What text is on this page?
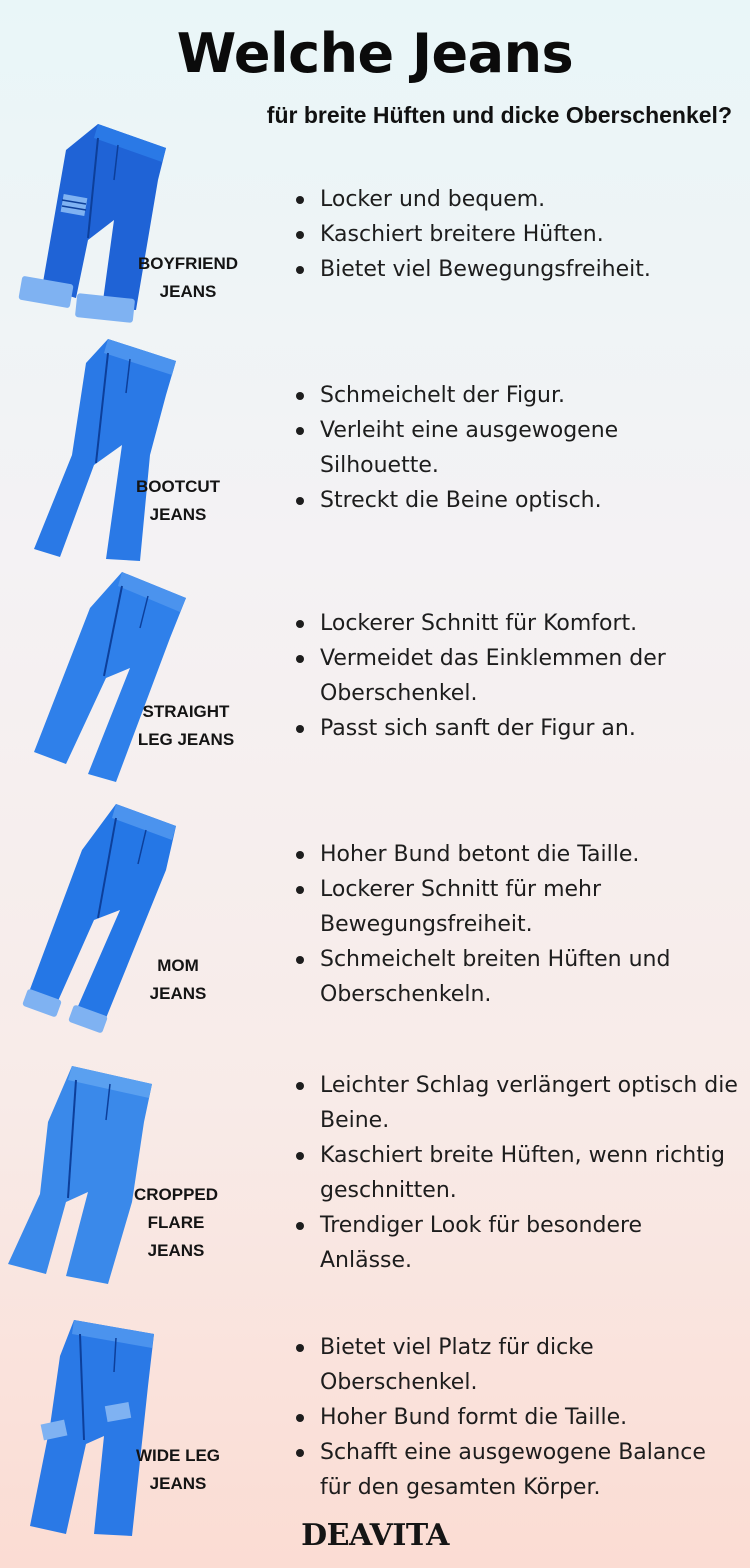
Welche Jeans
für breite Hüften und dicke Oberschenkel?
BOYFRIEND
JEANS
Locker und bequem.
Kaschiert breitere Hüften.
Bietet viel Bewegungsfreiheit.
BOOTCUT
JEANS
Schmeichelt der Figur.
Verleiht eine ausgewogene Silhouette.
Streckt die Beine optisch.
STRAIGHT
LEG JEANS
Lockerer Schnitt für Komfort.
Vermeidet das Einklemmen der Oberschenkel.
Passt sich sanft der Figur an.
MOM
JEANS
Hoher Bund betont die Taille.
Lockerer Schnitt für mehr Bewegungsfreiheit.
Schmeichelt breiten Hüften und Oberschenkeln.
CROPPED
FLARE
JEANS
Leichter Schlag verlängert optisch die Beine.
Kaschiert breite Hüften, wenn richtig geschnitten.
Trendiger Look für besondere Anlässe.
WIDE LEG
JEANS
Bietet viel Platz für dicke Oberschenkel.
Hoher Bund formt die Taille.
Schafft eine ausgewogene Balance für den gesamten Körper.
DEAVITA
